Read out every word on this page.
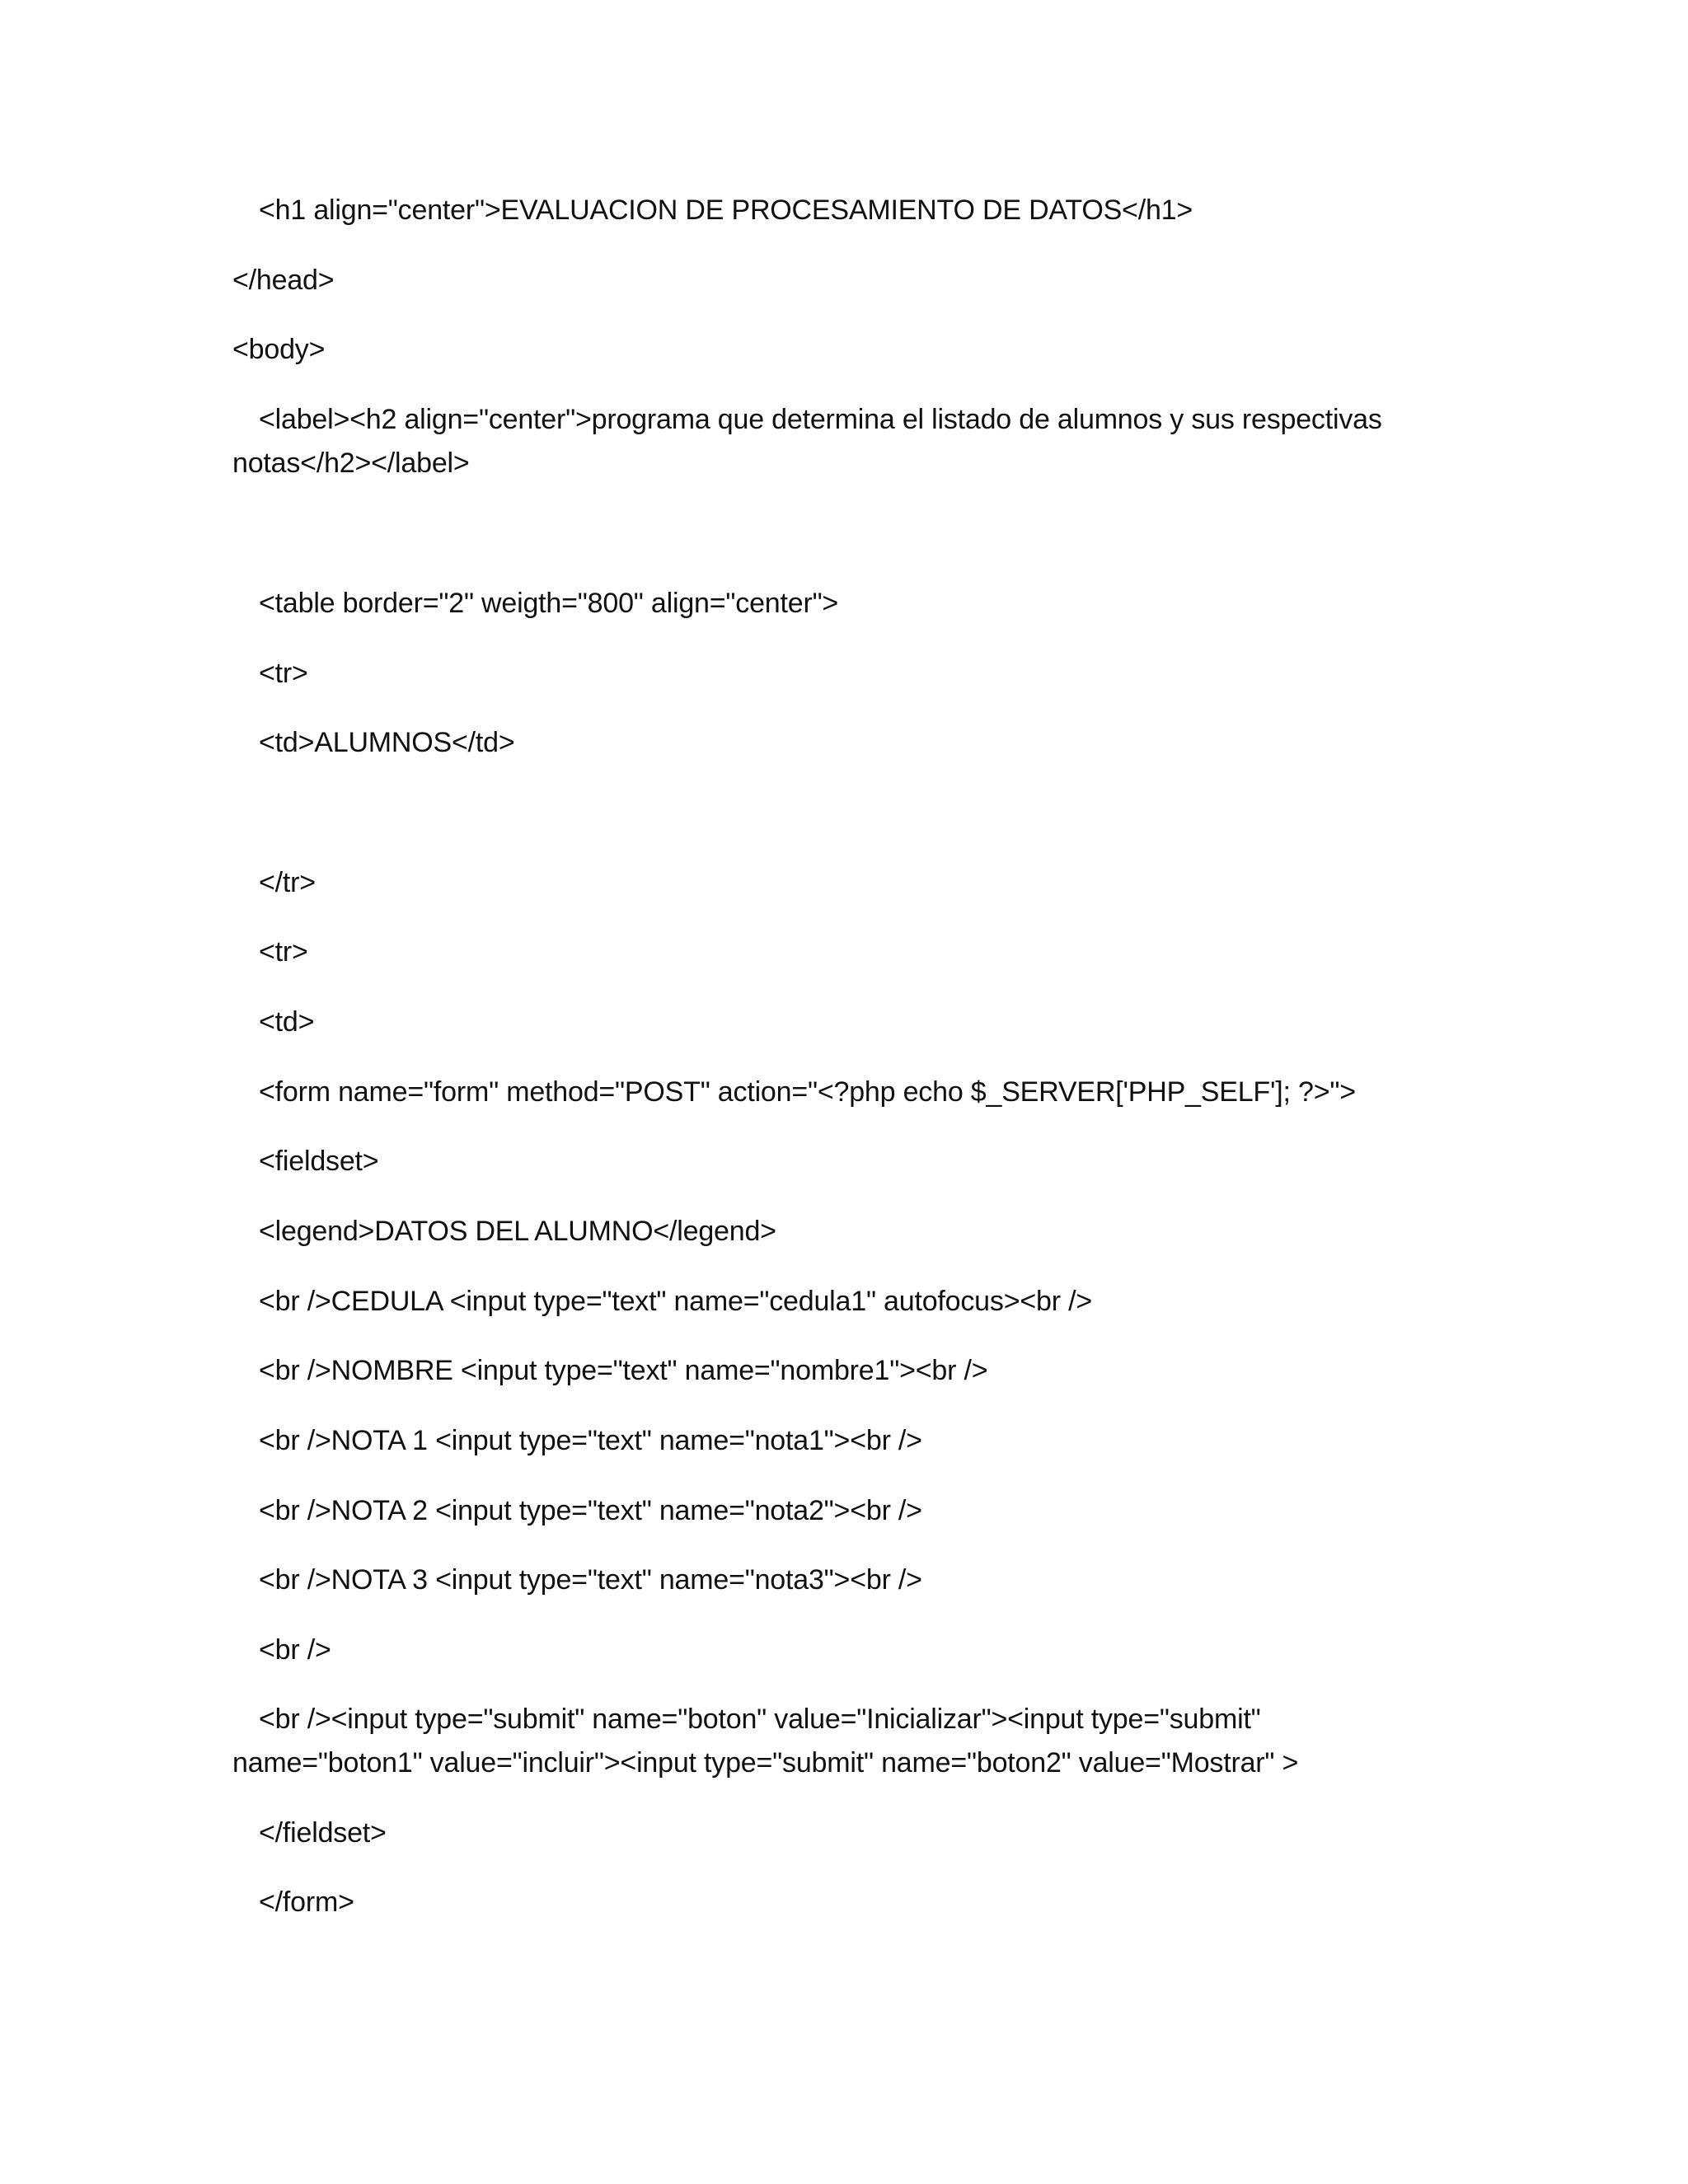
<h1 align="center">EVALUACION DE PROCESAMIENTO DE DATOS</h1>
</head>
<body>
<label><h2 align="center">programa que determina el listado de alumnos y sus respectivas
notas</h2></label>
<table border="2" weigth="800" align="center">
<tr>
<td>ALUMNOS</td>
</tr>
<tr>
<td>
<form name="form" method="POST" action="<?php echo $_SERVER['PHP_SELF']; ?>">
<fieldset>
<legend>DATOS DEL ALUMNO</legend>
<br />CEDULA <input type="text" name="cedula1" autofocus><br />
<br />NOMBRE <input type="text" name="nombre1"><br />
<br />NOTA 1 <input type="text" name="nota1"><br />
<br />NOTA 2 <input type="text" name="nota2"><br />
<br />NOTA 3 <input type="text" name="nota3"><br />
<br />
<br /><input type="submit" name="boton" value="Inicializar"><input type="submit"
name="boton1" value="incluir"><input type="submit" name="boton2" value="Mostrar" >
</fieldset>
</form>
